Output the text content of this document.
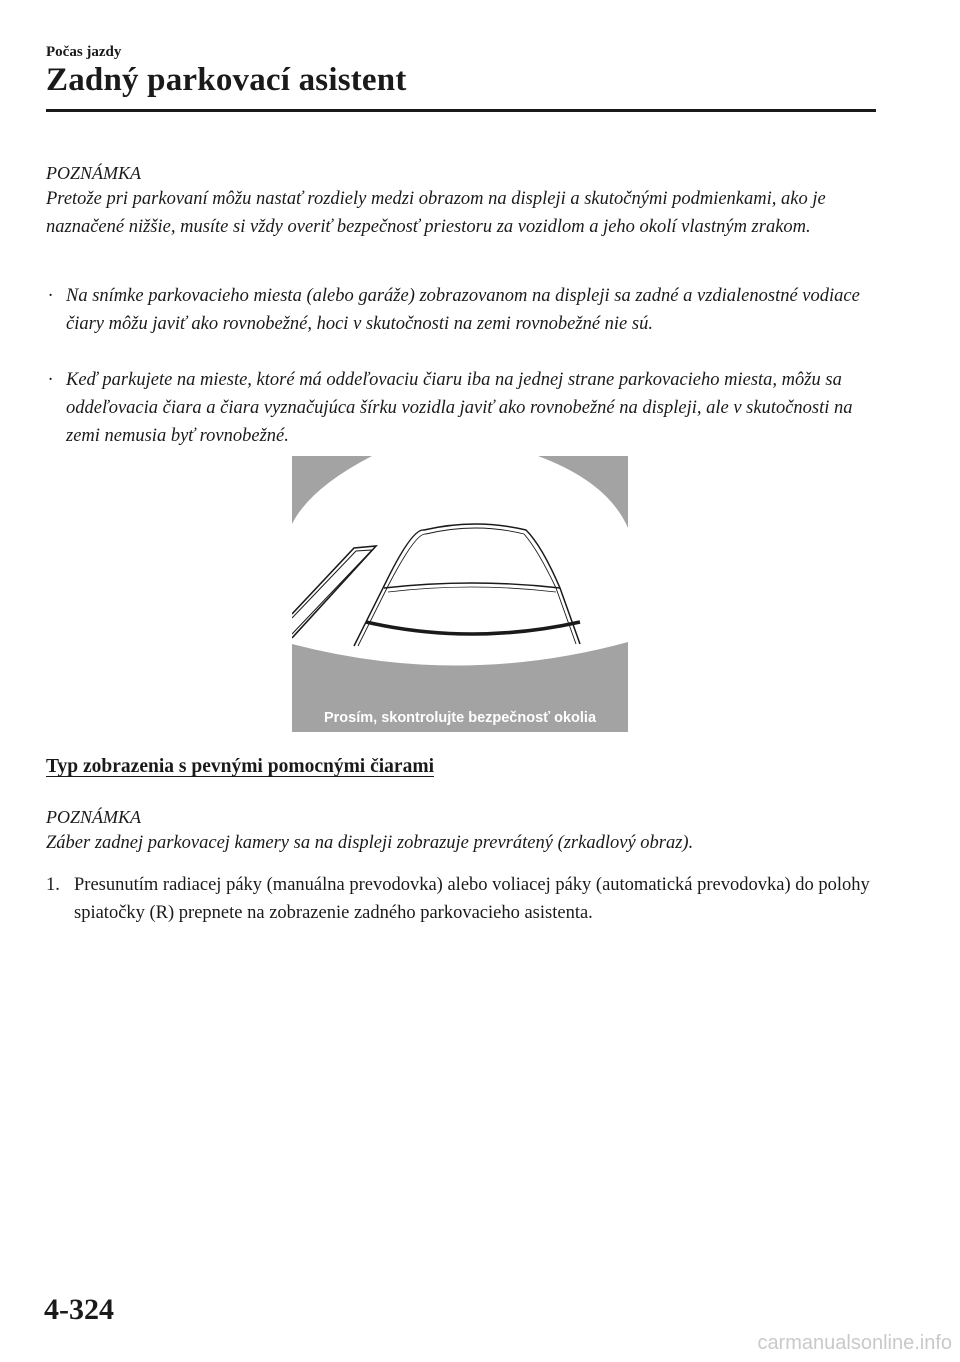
Počas jazdy
Zadný parkovací asistent
POZNÁMKA
Pretože pri parkovaní môžu nastať rozdiely medzi obrazom na displeji a skutočnými podmienkami, ako je naznačené nižšie, musíte si vždy overiť bezpečnosť priestoru za vozidlom a jeho okolí vlastným zrakom.
· Na snímke parkovacieho miesta (alebo garáže) zobrazovanom na displeji sa zadné a vzdialenostné vodiace čiary môžu javiť ako rovnobežné, hoci v skutočnosti na zemi rovnobežné nie sú.
· Keď parkujete na mieste, ktoré má oddeľovaciu čiaru iba na jednej strane parkovacieho miesta, môžu sa oddeľovacia čiara a čiara vyznačujúca šírku vozidla javiť ako rovnobežné na displeji, ale v skutočnosti na zemi nemusia byť rovnobežné.
Prosím, skontrolujte bezpečnosť okolia
Typ zobrazenia s pevnými pomocnými čiarami
POZNÁMKA
Záber zadnej parkovacej kamery sa na displeji zobrazuje prevrátený (zrkadlový obraz).
1. Presunutím radiacej páky (manuálna prevodovka) alebo voliacej páky (automatická prevodovka) do polohy spiatočky (R) prepnete na zobrazenie zadného parkovacieho asistenta.
4-324
carmanualsonline.info
